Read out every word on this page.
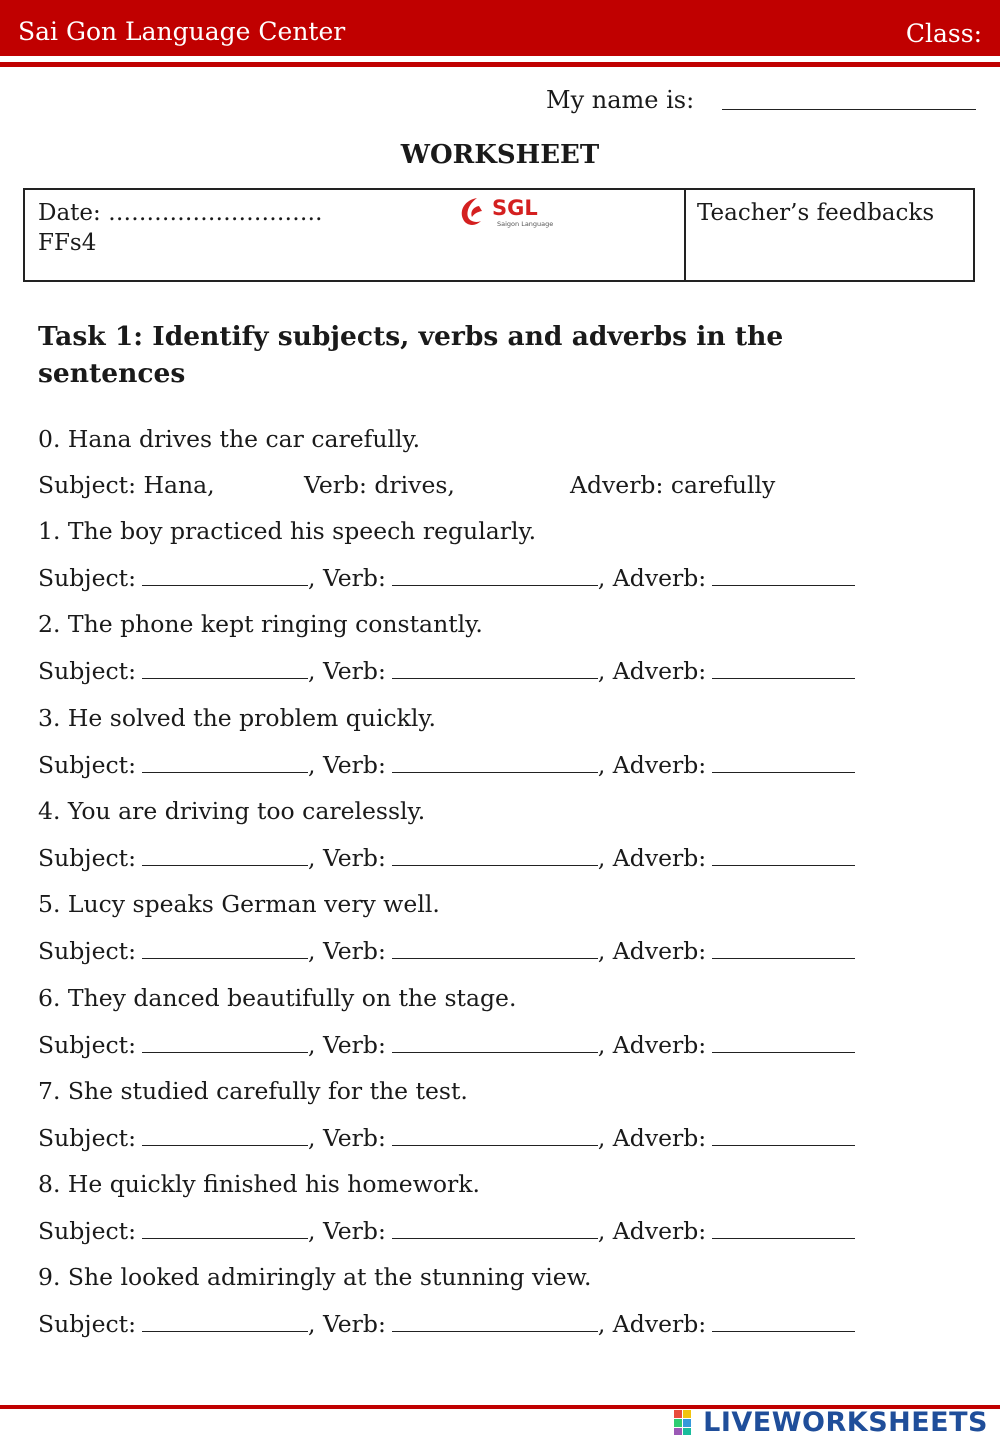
Sai Gon Language Center	Class:
My name is:
WORKSHEET
Date: ……………………….
FFs4
SGL
Saigon Language	Teacher’s feedbacks
Task 1: Identify subjects, verbs and adverbs in the sentences
0. Hana drives the car carefully.
Subject: Hana,	Verb: drives,	Adverb: carefully
1. The boy practiced his speech regularly.
Subject:	, Verb:	, Adverb:
2. The phone kept ringing constantly.
Subject:	, Verb:	, Adverb:
3. He solved the problem quickly.
Subject:	, Verb:	, Adverb:
4. You are driving too carelessly.
Subject:	, Verb:	, Adverb:
5. Lucy speaks German very well.
Subject:	, Verb:	, Adverb:
6. They danced beautifully on the stage.
Subject:	, Verb:	, Adverb:
7. She studied carefully for the test.
Subject:	, Verb:	, Adverb:
8. He quickly finished his homework.
Subject:	, Verb:	, Adverb:
9. She looked admiringly at the stunning view.
Subject:	, Verb:	, Adverb:
LIVEWORKSHEETS
